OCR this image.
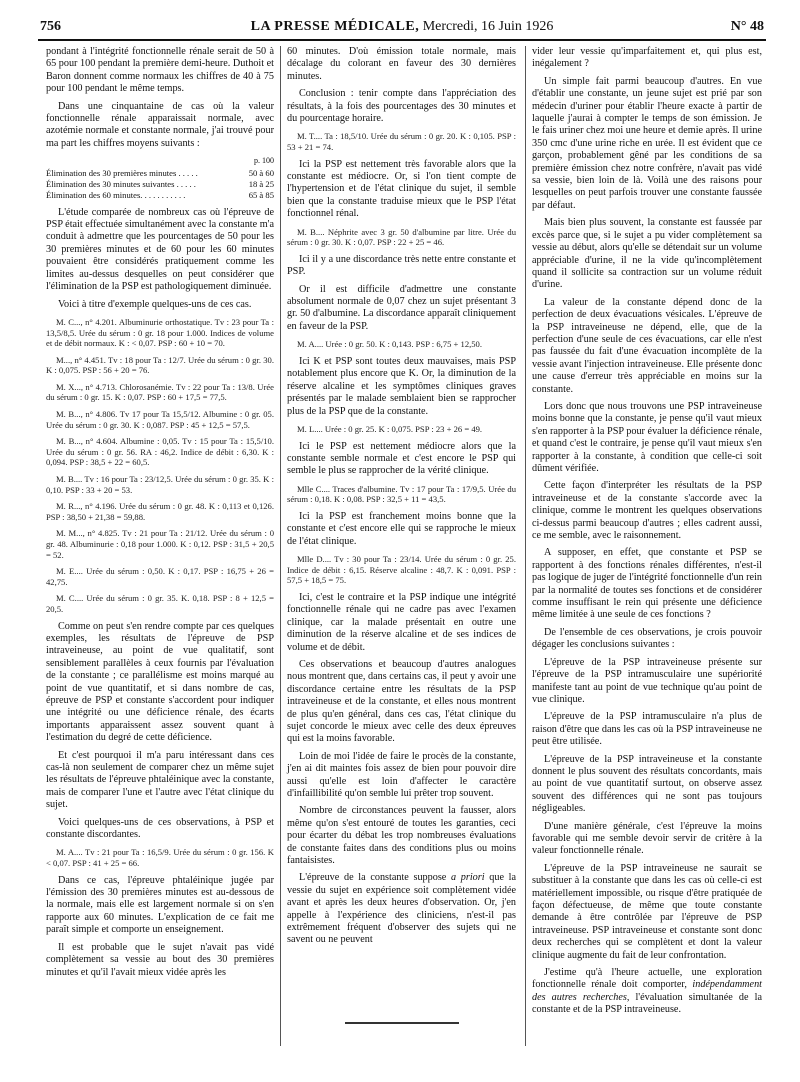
756	LA PRESSE MÉDICALE, Mercredi, 16 Juin 1926	N° 48

pondant à l'intégrité fonctionnelle rénale serait de 50 à 65 pour 100 pendant la première demi-heure. Duthoit et Baron donnent comme normaux les chiffres de 40 à 75 pour 100 pendant le même temps.

Dans une cinquantaine de cas où la valeur fonctionnelle rénale apparaissait normale, avec azotémie normale et constante normale, j'ai trouvé pour ma part les chiffres moyens suivants :

p. 100
Élimination des 30 premières minutes . . . . .	50 à 60
Élimination des 30 minutes suivantes . . . . .	18 à 25
Élimination des 60 minutes. . . . . . . . . . .	65 à 85

L'étude comparée de nombreux cas où l'épreuve de PSP était effectuée simultanément avec la constante m'a conduit à admettre que les pourcentages de 50 pour les 30 premières minutes et de 60 pour les 60 minutes pouvaient être considérés pratiquement comme les limites au-dessus desquelles on peut considérer que l'élimination de la PSP est pathologiquement diminuée.

Voici à titre d'exemple quelques-uns de ces cas.

M. C..., n° 4.201. Albuminurie orthostatique. Tv : 23 pour Ta : 13,5/8,5. Urée du sérum : 0 gr. 18 pour 1.000. Indices de volume et de débit normaux. K : < 0,07. PSP : 60 + 10 = 70.
M..., n° 4.451. Tv : 18 pour Ta : 12/7. Urée du sérum : 0 gr. 30. K : 0,075. PSP : 56 + 20 = 76.
M. X..., n° 4.713. Chlorosanémie. Tv : 22 pour Ta : 13/8. Urée du sérum : 0 gr. 15. K : 0,07. PSP : 60 + 17,5 = 77,5.
M. B..., n° 4.806. Tv 17 pour Ta 15,5/12. Albumine : 0 gr. 05. Urée du sérum : 0 gr. 30. K : 0,087. PSP : 45 + 12,5 = 57,5.
M. B..., n° 4.604. Albumine : 0,05. Tv : 15 pour Ta : 15,5/10. Urée du sérum : 0 gr. 56. RA : 46,2. Indice de débit : 6,30. K : 0,094. PSP : 38,5 + 22 = 60,5.
M. B.... Tv : 16 pour Ta : 23/12,5. Urée du sérum : 0 gr. 35. K : 0,10. PSP : 33 + 20 = 53.
M. R..., n° 4.196. Urée du sérum : 0 gr. 48. K : 0,113 et 0,126. PSP : 38,50 + 21,38 = 59,88.
M. M..., n° 4.825. Tv : 21 pour Ta : 21/12. Urée du sérum : 0 gr. 48. Albuminurie : 0,18 pour 1.000. K : 0,12. PSP : 31,5 + 20,5 = 52.
M. E.... Urée du sérum : 0,50. K : 0,17. PSP : 16,75 + 26 = 42,75.
M. C.... Urée du sérum : 0 gr. 35. K. 0,18. PSP : 8 + 12,5 = 20,5.

Comme on peut s'en rendre compte par ces quelques exemples, les résultats de l'épreuve de PSP intraveineuse, au point de vue qualitatif, sont sensiblement parallèles à ceux fournis par l'évaluation de la constante ; ce parallélisme est moins marqué au point de vue quantitatif, et si dans nombre de cas, épreuve de PSP et constante s'accordent pour indiquer une intégrité ou une déficience rénale, des écarts importants apparaissent assez souvent quant à l'estimation du degré de cette déficience.

Et c'est pourquoi il m'a paru intéressant dans ces cas-là non seulement de comparer chez un même sujet les résultats de l'épreuve phtaléinique avec la constante, mais de comparer l'une et l'autre avec l'état clinique du sujet.

Voici quelques-uns de ces observations, à PSP et constante discordantes.

M. A.... Tv : 21 pour Ta : 16,5/9. Urée du sérum : 0 gr. 156. K < 0,07. PSP : 41 + 25 = 66.

Dans ce cas, l'épreuve phtaléinique jugée par l'émission des 30 premières minutes est au-dessous de la normale, mais elle est largement normale si on s'en rapporte aux 60 minutes. L'explication de ce fait me paraît simple et comporte un enseignement.

Il est probable que le sujet n'avait pas vidé complètement sa vessie au bout des 30 premières minutes et qu'il l'avait mieux vidée après les

60 minutes. D'où émission totale normale, mais décalage du colorant en faveur des 30 dernières minutes.

Conclusion : tenir compte dans l'appréciation des résultats, à la fois des pourcentages des 30 minutes et du pourcentage horaire.

M. T.... Ta : 18,5/10. Urée du sérum : 0 gr. 20. K : 0,105. PSP : 53 + 21 = 74.

Ici la PSP est nettement très favorable alors que la constante est médiocre. Or, si l'on tient compte de l'hypertension et de l'état clinique du sujet, il semble bien que la constante traduise mieux que le PSP l'état fonctionnel rénal.

M. B.... Néphrite avec 3 gr. 50 d'albumine par litre. Urée du sérum : 0 gr. 30. K : 0,07. PSP : 22 + 25 = 46.

Ici il y a une discordance très nette entre constante et PSP.

Or il est difficile d'admettre une constante absolument normale de 0,07 chez un sujet présentant 3 gr. 50 d'albumine. La discordance apparaît cliniquement en faveur de la PSP.

M. A.... Urée : 0 gr. 50. K : 0,143. PSP : 6,75 + 12,50.

Ici K et PSP sont toutes deux mauvaises, mais PSP notablement plus encore que K. Or, la diminution de la réserve alcaline et les symptômes cliniques graves présentés par le malade semblaient bien se rapprocher plus de la PSP que de la constante.

M. L.... Urée : 0 gr. 25. K : 0,075. PSP : 23 + 26 = 49.

Ici le PSP est nettement médiocre alors que la constante semble normale et c'est encore le PSP qui semble le plus se rapprocher de la vérité clinique.

Mlle C.... Traces d'albumine. Tv : 17 pour Ta : 17/9,5. Urée du sérum : 0,18. K : 0,08. PSP : 32,5 + 11 = 43,5.

Ici la PSP est franchement moins bonne que la constante et c'est encore elle qui se rapproche le mieux de l'état clinique.

Mlle D.... Tv : 30 pour Ta : 23/14. Urée du sérum : 0 gr. 25. Indice de débit : 6,15. Réserve alcaline : 48,7. K : 0,091. PSP : 57,5 + 18,5 = 75.

Ici, c'est le contraire et la PSP indique une intégrité fonctionnelle rénale qui ne cadre pas avec l'examen clinique, car la malade présentait en outre une diminution de la réserve alcaline et de ses indices de volume et de débit.

Ces observations et beaucoup d'autres analogues nous montrent que, dans certains cas, il peut y avoir une discordance certaine entre les résultats de la PSP intraveineuse et de la constante, et elles nous montrent de plus qu'en général, dans ces cas, l'état clinique du sujet concorde le mieux avec celle des deux épreuves qui est la moins favorable.

Loin de moi l'idée de faire le procès de la constante, j'en ai dit maintes fois assez de bien pour pouvoir dire aussi qu'elle est loin d'affecter le caractère d'infaillibilité qu'on semble lui prêter trop souvent.

Nombre de circonstances peuvent la fausser, alors même qu'on s'est entouré de toutes les garanties, ceci pour écarter du débat les trop nombreuses évaluations de constante faites dans des conditions plus ou moins fantaisistes.

L'épreuve de la constante suppose a priori que la vessie du sujet en expérience soit complètement vidée avant et après les deux heures d'observation. Or, j'en appelle à l'expérience des cliniciens, n'est-il pas extrêmement fréquent d'observer des sujets qui ne savent ou ne peuvent

vider leur vessie qu'imparfaitement et, qui plus est, inégalement ?

Un simple fait parmi beaucoup d'autres. En vue d'établir une constante, un jeune sujet est prié par son médecin d'uriner pour établir l'heure exacte à partir de laquelle j'aurai à compter le temps de son émission. Je le fais uriner chez moi une heure et demie après. Il urine 350 cmc d'une urine riche en urée. Il est évident que ce garçon, probablement gêné par les conditions de sa première émission chez notre confrère, n'avait pas vidé sa vessie, bien loin de là. Voilà une des raisons pour lesquelles on peut parfois trouver une constante faussée par défaut.

Mais bien plus souvent, la constante est faussée par excès parce que, si le sujet a pu vider complètement sa vessie au début, alors qu'elle se détendait sur un volume appréciable d'urine, il ne la vide qu'incomplètement quand il sollicite sa contraction sur un volume réduit d'urine.

La valeur de la constante dépend donc de la perfection de deux évacuations vésicales. L'épreuve de la PSP intraveineuse ne dépend, elle, que de la perfection d'une seule de ces évacuations, car elle n'est pas faussée du fait d'une évacuation incomplète de la vessie avant l'injection intraveineuse. Elle présente donc une cause d'erreur très appréciable en moins sur la constante.

Lors donc que nous trouvons une PSP intraveineuse moins bonne que la constante, je pense qu'il vaut mieux s'en rapporter à la PSP pour évaluer la déficience rénale, et quand c'est le contraire, je pense qu'il vaut mieux s'en rapporter à la constante, à condition que celle-ci soit dûment vérifiée.

Cette façon d'interpréter les résultats de la PSP intraveineuse et de la constante s'accorde avec la clinique, comme le montrent les quelques observations ci-dessus parmi beaucoup d'autres ; elles cadrent aussi, ce me semble, avec le raisonnement.

A supposer, en effet, que constante et PSP se rapportent à des fonctions rénales différentes, n'est-il pas logique de juger de l'intégrité fonctionnelle d'un rein par la normalité de toutes ses fonctions et de considérer comme insuffisant le rein qui présente une déficience même limitée à une seule de ces fonctions ?

De l'ensemble de ces observations, je crois pouvoir dégager les conclusions suivantes :

L'épreuve de la PSP intraveineuse présente sur l'épreuve de la PSP intramusculaire une supériorité manifeste tant au point de vue technique qu'au point de vue clinique.

L'épreuve de la PSP intramusculaire n'a plus de raison d'être que dans les cas où la PSP intraveineuse ne peut être utilisée.

L'épreuve de la PSP intraveineuse et la constante donnent le plus souvent des résultats concordants, mais au point de vue quantitatif surtout, on observe assez souvent des différences qui ne sont pas toujours négligeables.

D'une manière générale, c'est l'épreuve la moins favorable qui me semble devoir servir de critère à la valeur fonctionnelle rénale.

L'épreuve de la PSP intraveineuse ne saurait se substituer à la constante que dans les cas où celle-ci est matériellement impossible, ou risque d'être pratiquée de façon défectueuse, de même que toute constante demande à être contrôlée par l'épreuve de PSP intraveineuse. PSP intraveineuse et constante sont donc deux recherches qui se complètent et dont la valeur clinique augmente du fait de leur confrontation.

J'estime qu'à l'heure actuelle, une exploration fonctionnelle rénale doit comporter, indépendamment des autres recherches, l'évaluation simultanée de la constante et de la PSP intraveineuse.
